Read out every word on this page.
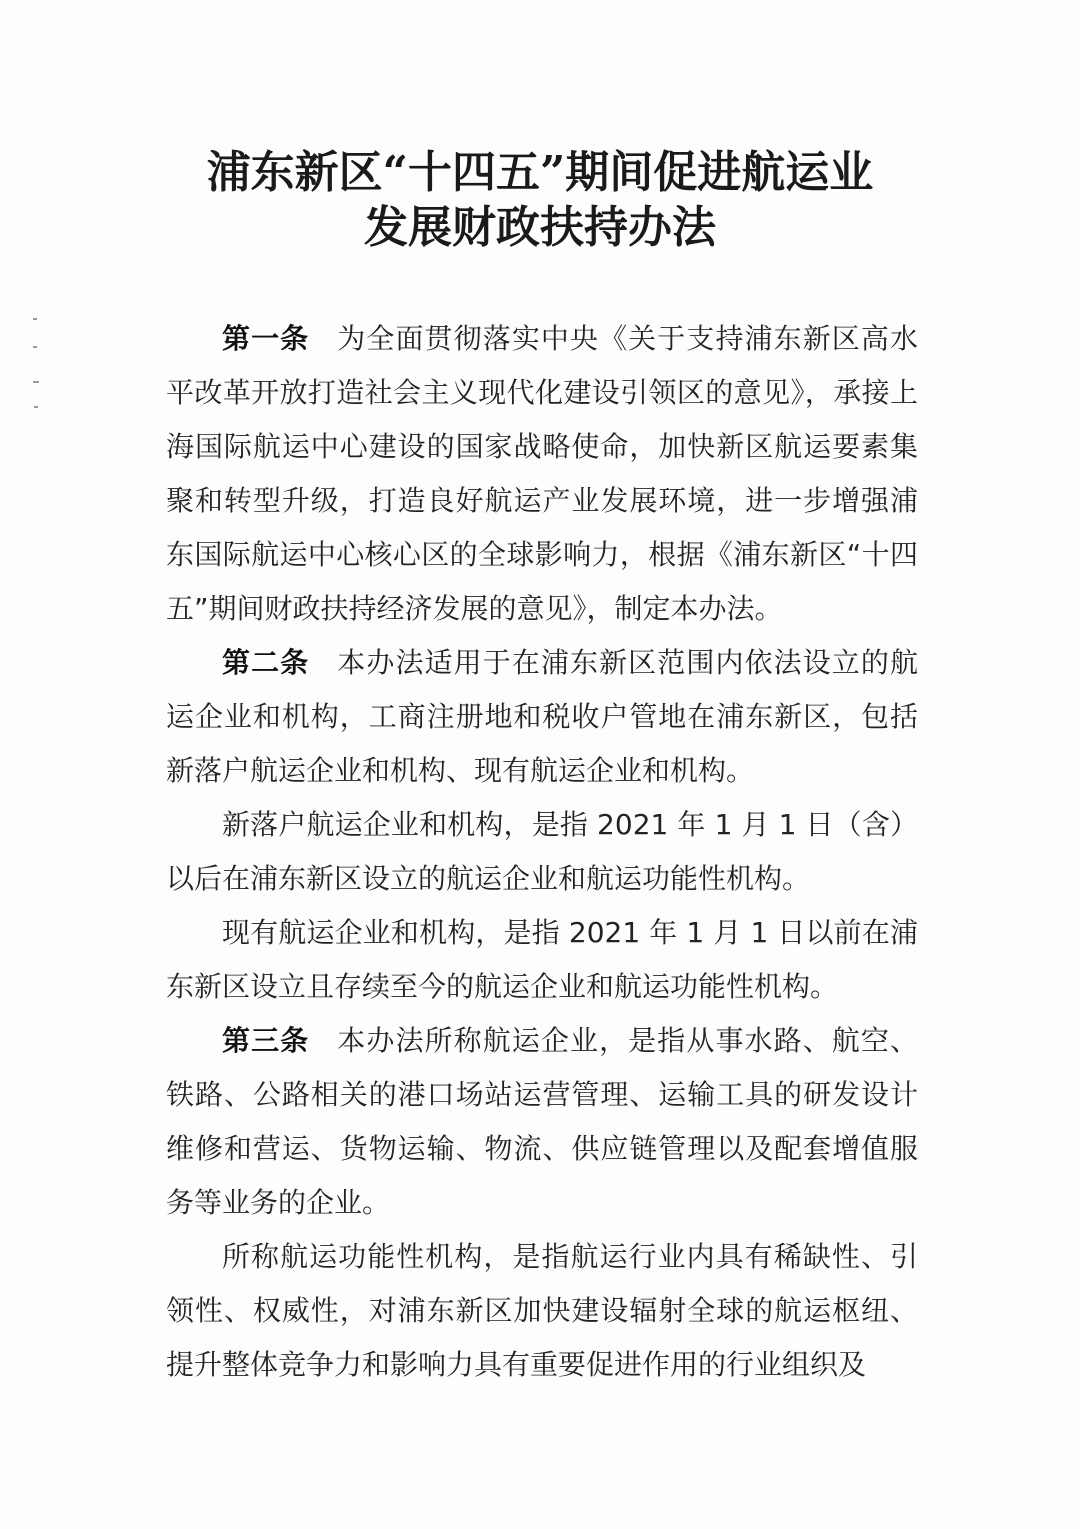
浦东新区“十四五”期间促进航运业
发展财政扶持办法

第一条 为全面贯彻落实中央《关于支持浦东新区高水平改革开放打造社会主义现代化建设引领区的意见》，承接上海国际航运中心建设的国家战略使命，加快新区航运要素集聚和转型升级，打造良好航运产业发展环境，进一步增强浦东国际航运中心核心区的全球影响力，根据《浦东新区“十四五”期间财政扶持经济发展的意见》，制定本办法。

第二条 本办法适用于在浦东新区范围内依法设立的航运企业和机构，工商注册地和税收户管地在浦东新区，包括新落户航运企业和机构、现有航运企业和机构。

新落户航运企业和机构，是指 2021 年 1 月 1 日（含）以后在浦东新区设立的航运企业和航运功能性机构。

现有航运企业和机构，是指 2021 年 1 月 1 日以前在浦东新区设立且存续至今的航运企业和航运功能性机构。

第三条 本办法所称航运企业，是指从事水路、航空、铁路、公路相关的港口场站运营管理、运输工具的研发设计维修和营运、货物运输、物流、供应链管理以及配套增值服务等业务的企业。

所称航运功能性机构，是指航运行业内具有稀缺性、引领性、权威性，对浦东新区加快建设辐射全球的航运枢纽、提升整体竞争力和影响力具有重要促进作用的行业组织及
